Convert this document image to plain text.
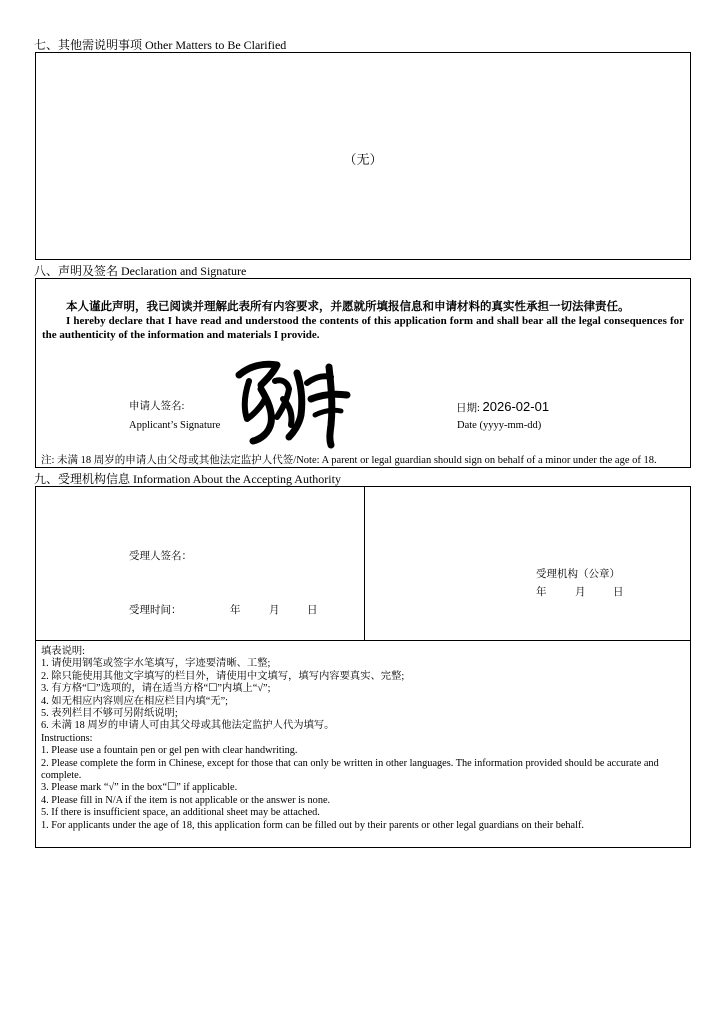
七、其他需说明事项 Other Matters to Be Clarified
（无）
八、声明及签名 Declaration and Signature
本人谨此声明，我已阅读并理解此表所有内容要求，并愿就所填报信息和申请材料的真实性承担一切法律责任。
I hereby declare that I have read and understood the contents of this application form and shall bear all the legal consequences for the authenticity of the information and materials I provide.
申请人签名:
Applicant’s Signature
日期: 2026-02-01
Date (yyyy-mm-dd)
注: 未满 18 周岁的申请人由父母或其他法定监护人代签/Note: A parent or legal guardian should sign on behalf of a minor under the age of 18.
九、受理机构信息 Information About the Accepting Authority
受理人签名：
受理时间：	年	月	日
受理机构（公章）
年	月	日
填表说明:
1. 请使用钢笔或签字水笔填写，字迹要清晰、工整;
2. 除只能使用其他文字填写的栏目外，请使用中文填写，填写内容要真实、完整;
3. 有方格“☐”选项的，请在适当方格“☐”内填上“√”;
4. 如无相应内容则应在相应栏目内填“无”;
5. 表列栏目不够可另附纸说明;
6. 未满 18 周岁的申请人可由其父母或其他法定监护人代为填写。
Instructions:
1. Please use a fountain pen or gel pen with clear handwriting.
2. Please complete the form in Chinese, except for those that can only be written in other languages. The information provided should be accurate and complete.
3. Please mark “√” in the box“☐” if applicable.
4. Please fill in N/A if the item is not applicable or the answer is none.
5. If there is insufficient space, an additional sheet may be attached.
1. For applicants under the age of 18, this application form can be filled out by their parents or other legal guardians on their behalf.
